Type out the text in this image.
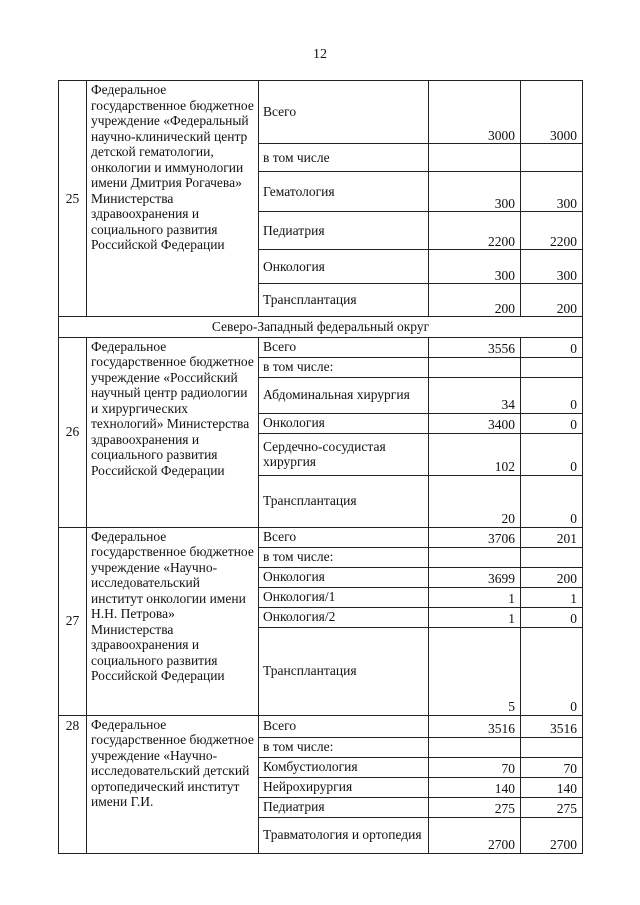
12
25	Федеральное государственное бюджетное учреждение «Федеральный научно-клинический центр детской гематологии, онкологии и иммунологии имени Дмитрия Рогачева» Министерства здравоохранения и социального развития Российской Федерации	Всего	3000	3000
		в том числе		
		Гематология	300	300
		Педиатрия	2200	2200
		Онкология	300	300
		Трансплантация	200	200
Северо-Западный федеральный округ				
26	Федеральное государственное бюджетное учреждение «Российский научный центр радиологии и хирургических технологий» Министерства здравоохранения и социального развития Российской Федерации	Всего	3556	0
		в том числе:		
		Абдоминальная хирургия	34	0
		Онкология	3400	0
		Сердечно-сосудистая хирургия	102	0
		Трансплантация	20	0
27	Федеральное государственное бюджетное учреждение «Научно-исследовательский институт онкологии имени Н.Н. Петрова» Министерства здравоохранения и социального развития Российской Федерации	Всего	3706	201
		в том числе:		
		Онкология	3699	200
		Онкология/1	1	1
		Онкология/2	1	0
		Трансплантация	5	0
28	Федеральное государственное бюджетное учреждение «Научно-исследовательский детский ортопедический институт имени Г.И.	Всего	3516	3516
		в том числе:		
		Комбустиология	70	70
		Нейрохирургия	140	140
		Педиатрия	275	275
		Травматология и ортопедия	2700	2700
